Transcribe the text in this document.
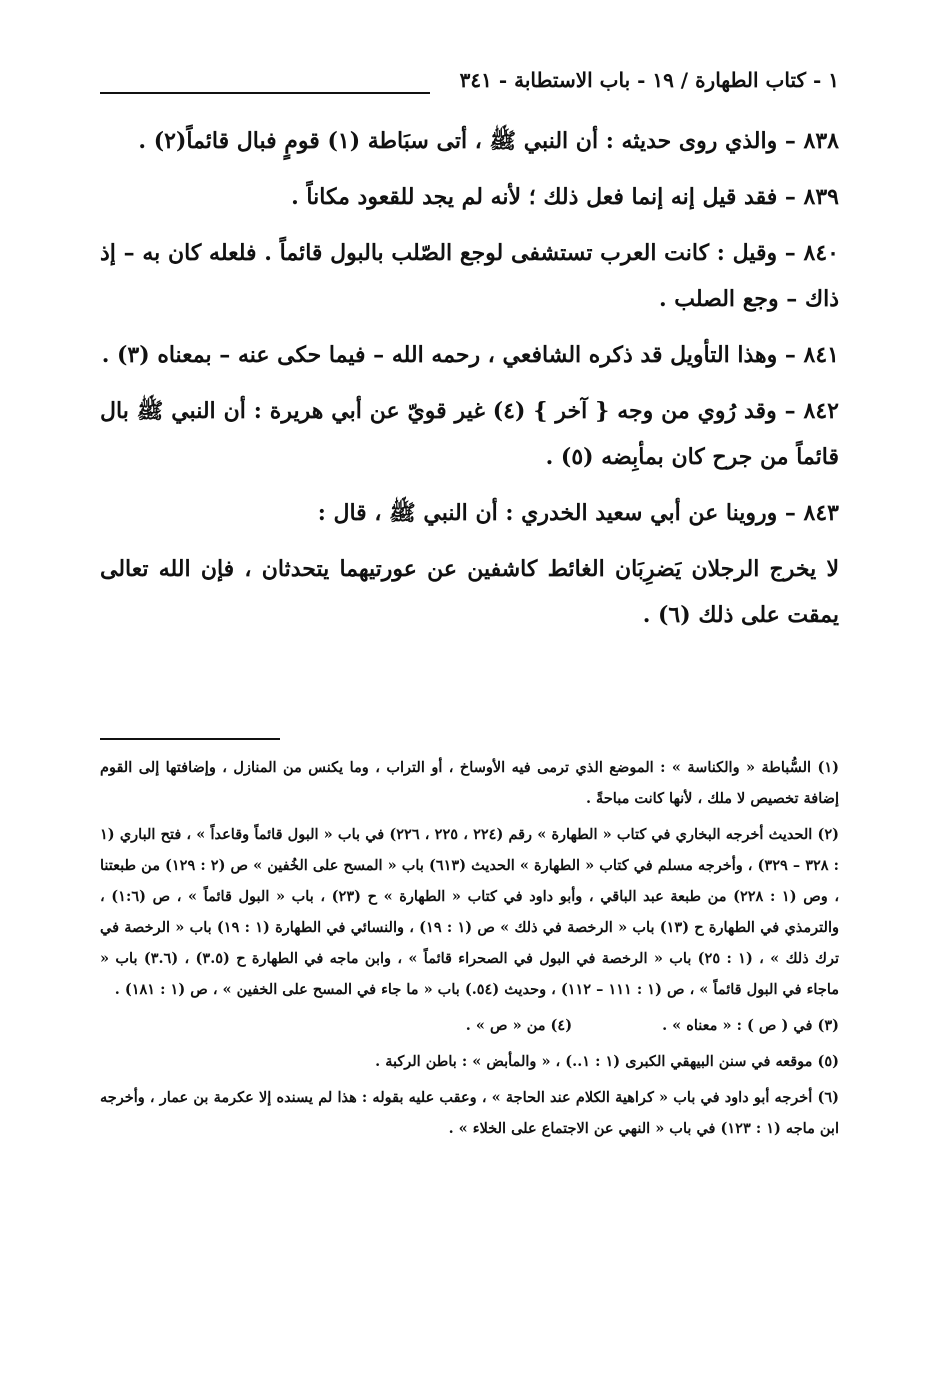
١ - كتاب الطهارة / ١٩ - باب الاستطابة - ٣٤١

٨٣٨ – والذي روى حديثه : أن النبي ﷺ ، أتى سبَاطة (١) قومٍ فبال قائماً(٢) .

٨٣٩ – فقد قيل إنه إنما فعل ذلك ؛ لأنه لم يجد للقعود مكاناً .

٨٤٠ – وقيل : كانت العرب تستشفى لوجع الصّلب بالبول قائماً . فلعله كان به – إذ ذاك – وجع الصلب .

٨٤١ – وهذا التأويل قد ذكره الشافعي ، رحمه الله – فيما حكى عنه – بمعناه (٣) .

٨٤٢ – وقد رُوي من وجه { آخر } (٤) غير قويّ عن أبي هريرة : أن النبي ﷺ بال قائماً من جرح كان بمأبِضه (٥) .

٨٤٣ – وروينا عن أبي سعيد الخدري : أن النبي ﷺ ، قال :

لا يخرج الرجلان يَضرِبَان الغائط كاشفين عن عورتيهما يتحدثان ، فإن الله تعالى يمقت على ذلك (٦) .

(١) السُّباطة « والكناسة » : الموضع الذي ترمى فيه الأوساخ ، أو التراب ، وما يكنس من المنازل ، وإضافتها إلى القوم إضافة تخصيص لا ملك ، لأنها كانت مباحةً .

(٢) الحديث أخرجه البخاري في كتاب « الطهارة » رقم (٢٢٤ ، ٢٢٥ ، ٢٢٦) في باب « البول قائماً وقاعداً » ، فتح الباري (١ : ٣٢٨ – ٣٢٩) ، وأخرجه مسلم في كتاب « الطهارة » الحديث (٦١٣) باب « المسح على الخُفين » ص (٢ : ١٢٩) من طبعتنا ، وص (١ : ٢٢٨) من طبعة عبد الباقي ، وأبو داود في كتاب « الطهارة » ح (٢٣) ، باب « البول قائماً » ، ص (١:٦) ، والترمذي في الطهارة ح (١٣) باب « الرخصة في ذلك » ص (١ : ١٩) ، والنسائي في الطهارة (١ : ١٩) باب « الرخصة في ترك ذلك » ، (١ : ٢٥) باب « الرخصة في البول في الصحراء قائماً » ، وابن ماجه في الطهارة ح (٣.٥) ، (٣.٦) باب « ماجاء في البول قائماً » ، ص (١ : ١١١ – ١١٢) ، وحديث (٥٤.) باب « ما جاء في المسح على الخفين » ، ص (١ : ١٨١) .

(٣) في ( ص ) : « معناه » .
(٤) من « ص » .

(٥) موقعه في سنن البيهقي الكبرى (١ : ١..) ، « والمأبض » : باطن الركبة .

(٦) أخرجه أبو داود في باب « كراهية الكلام عند الحاجة » ، وعقب عليه بقوله : هذا لم يسنده إلا عكرمة بن عمار ، وأخرجه ابن ماجه (١ : ١٢٣) في باب « النهي عن الاجتماع على الخلاء » .
